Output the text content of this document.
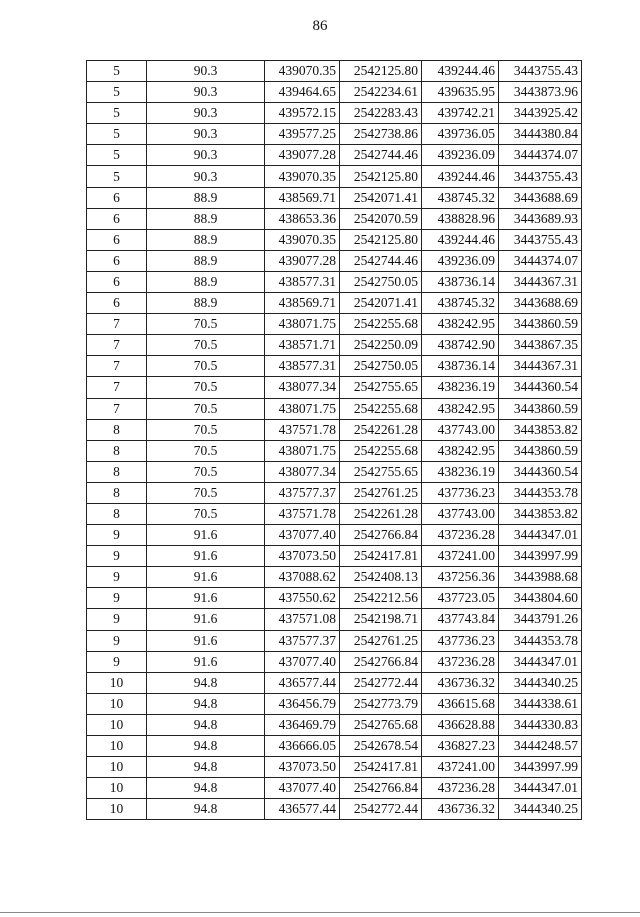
86
5	90.3	439070.35	2542125.80	439244.46	3443755.43
5	90.3	439464.65	2542234.61	439635.95	3443873.96
5	90.3	439572.15	2542283.43	439742.21	3443925.42
5	90.3	439577.25	2542738.86	439736.05	3444380.84
5	90.3	439077.28	2542744.46	439236.09	3444374.07
5	90.3	439070.35	2542125.80	439244.46	3443755.43
6	88.9	438569.71	2542071.41	438745.32	3443688.69
6	88.9	438653.36	2542070.59	438828.96	3443689.93
6	88.9	439070.35	2542125.80	439244.46	3443755.43
6	88.9	439077.28	2542744.46	439236.09	3444374.07
6	88.9	438577.31	2542750.05	438736.14	3444367.31
6	88.9	438569.71	2542071.41	438745.32	3443688.69
7	70.5	438071.75	2542255.68	438242.95	3443860.59
7	70.5	438571.71	2542250.09	438742.90	3443867.35
7	70.5	438577.31	2542750.05	438736.14	3444367.31
7	70.5	438077.34	2542755.65	438236.19	3444360.54
7	70.5	438071.75	2542255.68	438242.95	3443860.59
8	70.5	437571.78	2542261.28	437743.00	3443853.82
8	70.5	438071.75	2542255.68	438242.95	3443860.59
8	70.5	438077.34	2542755.65	438236.19	3444360.54
8	70.5	437577.37	2542761.25	437736.23	3444353.78
8	70.5	437571.78	2542261.28	437743.00	3443853.82
9	91.6	437077.40	2542766.84	437236.28	3444347.01
9	91.6	437073.50	2542417.81	437241.00	3443997.99
9	91.6	437088.62	2542408.13	437256.36	3443988.68
9	91.6	437550.62	2542212.56	437723.05	3443804.60
9	91.6	437571.08	2542198.71	437743.84	3443791.26
9	91.6	437577.37	2542761.25	437736.23	3444353.78
9	91.6	437077.40	2542766.84	437236.28	3444347.01
10	94.8	436577.44	2542772.44	436736.32	3444340.25
10	94.8	436456.79	2542773.79	436615.68	3444338.61
10	94.8	436469.79	2542765.68	436628.88	3444330.83
10	94.8	436666.05	2542678.54	436827.23	3444248.57
10	94.8	437073.50	2542417.81	437241.00	3443997.99
10	94.8	437077.40	2542766.84	437236.28	3444347.01
10	94.8	436577.44	2542772.44	436736.32	3444340.25
